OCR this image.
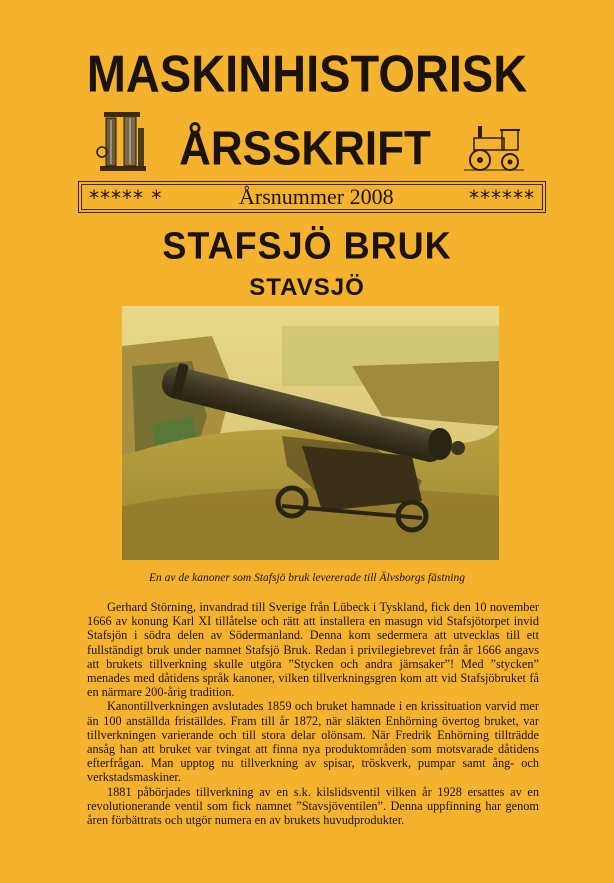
MASKINHISTORISK
ÅRSSKRIFT
***** *	Årsnummer 2008	******
STAFSJÖ BRUK
STAVSJÖ
En av de kanoner som Stafsjö bruk levererade till Älvsborgs fästning

Gerhard Störning, invandrad till Sverige från Lübeck i Tyskland, fick den 10 november 1666 av konung Karl XI tillåtelse och rätt att installera en masugn vid Stafsjötorpet invid Stafsjön i södra delen av Södermanland. Denna kom sedermera att utvecklas till ett fullständigt bruk under namnet Stafsjö Bruk. Redan i privilegiebrevet från år 1666 angavs att brukets tillverkning skulle utgöra ”Stycken och andra järnsaker”! Med ”stycken” menades med dåtidens språk kanoner, vilken tillverkningsgren kom att vid Stafsjöbruket få en närmare 200-årig tradition.

Kanontillverkningen avslutades 1859 och bruket hamnade i en krissituation varvid mer än 100 anställda friställdes. Fram till år 1872, när släkten Enhörning övertog bruket, var tillverkningen varierande och till stora delar olönsam. När Fredrik Enhörning tillträdde ansåg han att bruket var tvingat att finna nya produktområden som motsvarade dåtidens efterfrågan. Man upptog nu tillverkning av spisar, tröskverk, pumpar samt ång- och verkstadsmaskiner.

1881 påbörjades tillverkning av en s.k. kilslidsventil vilken år 1928 ersattes av en revolutionerande ventil som fick namnet ”Stavsjöventilen”. Denna uppfinning har genom åren förbättrats och utgör numera en av brukets huvudprodukter.
